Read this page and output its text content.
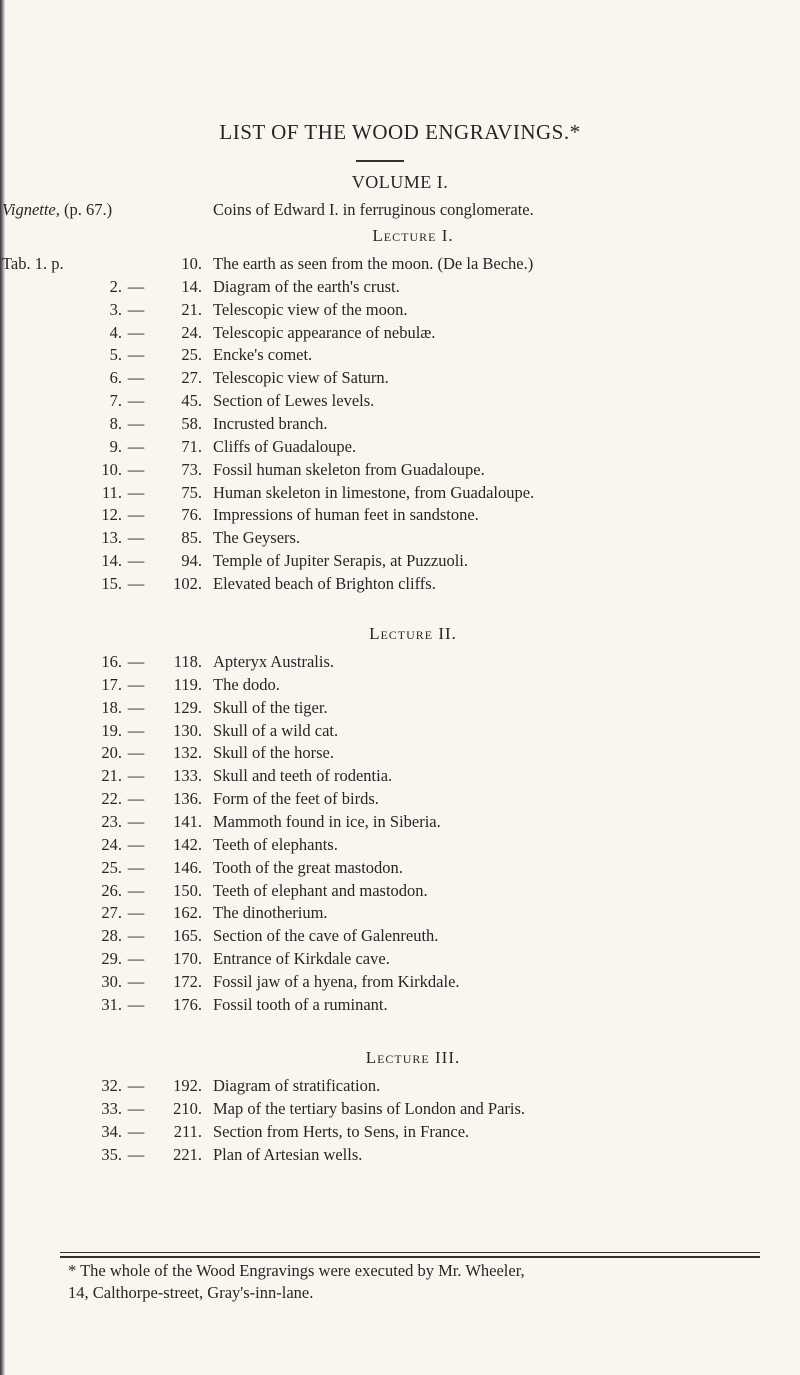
LIST OF THE WOOD ENGRAVINGS.*
VOLUME I.
Vignette, (p. 67.)	Coins of Edward I. in ferruginous conglomerate.
Lecture I.
Tab. 1. p.	10. The earth as seen from the moon. (De la Beche.)
2. —	14. Diagram of the earth's crust.
3. —	21. Telescopic view of the moon.
4. —	24. Telescopic appearance of nebulæ.
5. —	25. Encke's comet.
6. —	27. Telescopic view of Saturn.
7. —	45. Section of Lewes levels.
8. —	58. Incrusted branch.
9. —	71. Cliffs of Guadaloupe.
10. —	73. Fossil human skeleton from Guadaloupe.
11. —	75. Human skeleton in limestone, from Guadaloupe.
12. —	76. Impressions of human feet in sandstone.
13. —	85. The Geysers.
14. —	94. Temple of Jupiter Serapis, at Puzzuoli.
15. —	102. Elevated beach of Brighton cliffs.
Lecture II.
16. —	118. Apteryx Australis.
17. —	119. The dodo.
18. —	129. Skull of the tiger.
19. —	130. Skull of a wild cat.
20. —	132. Skull of the horse.
21. —	133. Skull and teeth of rodentia.
22. —	136. Form of the feet of birds.
23. —	141. Mammoth found in ice, in Siberia.
24. —	142. Teeth of elephants.
25. —	146. Tooth of the great mastodon.
26. —	150. Teeth of elephant and mastodon.
27. —	162. The dinotherium.
28. —	165. Section of the cave of Galenreuth.
29. —	170. Entrance of Kirkdale cave.
30. —	172. Fossil jaw of a hyena, from Kirkdale.
31. —	176. Fossil tooth of a ruminant.
Lecture III.
32. —	192. Diagram of stratification.
33. —	210. Map of the tertiary basins of London and Paris.
34. —	211. Section from Herts, to Sens, in France.
35. —	221. Plan of Artesian wells.
* The whole of the Wood Engravings were executed by Mr. Wheeler,
14, Calthorpe-street, Gray's-inn-lane.
